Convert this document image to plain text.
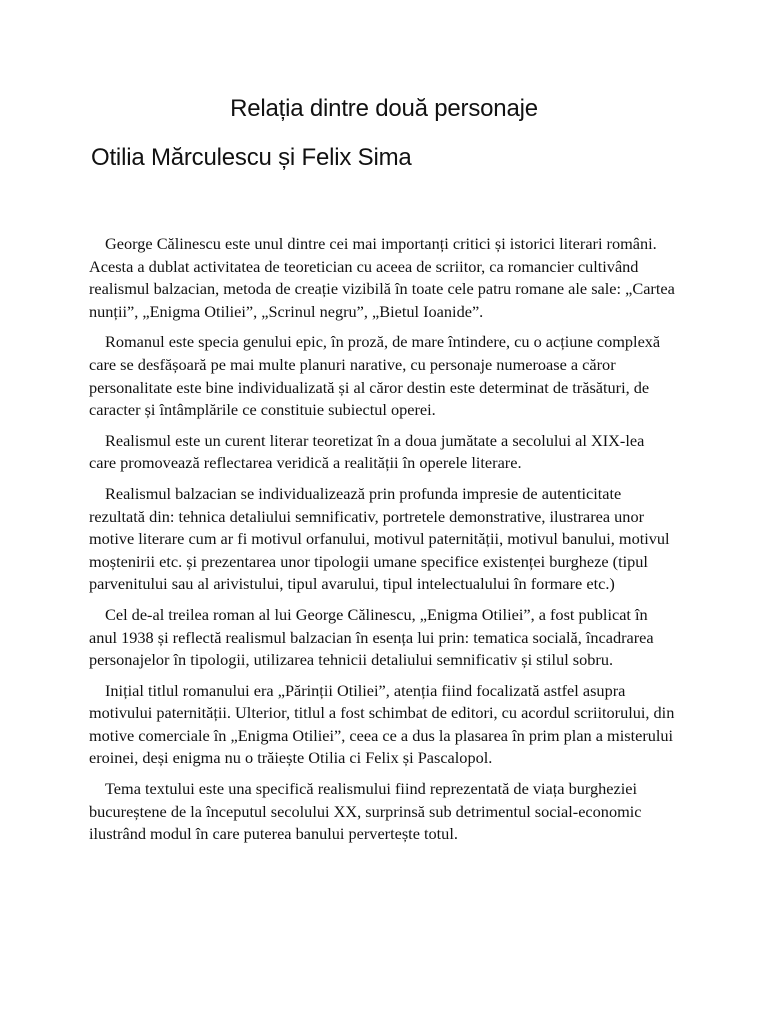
Relația dintre două personaje
Otilia Mărculescu și Felix Sima

George Călinescu este unul dintre cei mai importanți critici și istorici literari români. Acesta a dublat activitatea de teoretician cu aceea de scriitor, ca romancier cultivând realismul balzacian, metoda de creație vizibilă în toate cele patru romane ale sale: „Cartea nunții”, „Enigma Otiliei”, „Scrinul negru”, „Bietul Ioanide”.

Romanul este specia genului epic, în proză, de mare întindere, cu o acțiune complexă care se desfășoară pe mai multe planuri narative, cu personaje numeroase a căror personalitate este bine individualizată și al căror destin este determinat de trăsături, de caracter și întâmplările ce constituie subiectul operei.

Realismul este un curent literar teoretizat în a doua jumătate a secolului al XIX-lea care promovează reflectarea veridică a realității în operele literare.

Realismul balzacian se individualizează prin profunda impresie de autenticitate rezultată din: tehnica detaliului semnificativ, portretele demonstrative, ilustrarea unor motive literare cum ar fi motivul orfanului, motivul paternității, motivul banului, motivul moștenirii etc. și prezentarea unor tipologii umane specifice existenței burgheze (tipul parvenitului sau al arivistului, tipul avarului, tipul intelectualului în formare etc.)

Cel de-al treilea roman al lui George Călinescu, „Enigma Otiliei”, a fost publicat în anul 1938 și reflectă realismul balzacian în esența lui prin: tematica socială, încadrarea personajelor în tipologii, utilizarea tehnicii detaliului semnificativ și stilul sobru.

Inițial titlul romanului era „Părinții Otiliei”, atenția fiind focalizată astfel asupra motivului paternității. Ulterior, titlul a fost schimbat de editori, cu acordul scriitorului, din motive comerciale în „Enigma Otiliei”, ceea ce a dus la plasarea în prim plan a misterului eroinei, deși enigma nu o trăiește Otilia ci Felix și Pascalopol.

Tema textului este una specifică realismului fiind reprezentată de viața burgheziei bucureștene de la începutul secolului XX, surprinsă sub detrimentul social-economic ilustrând modul în care puterea banului pervertește totul.
